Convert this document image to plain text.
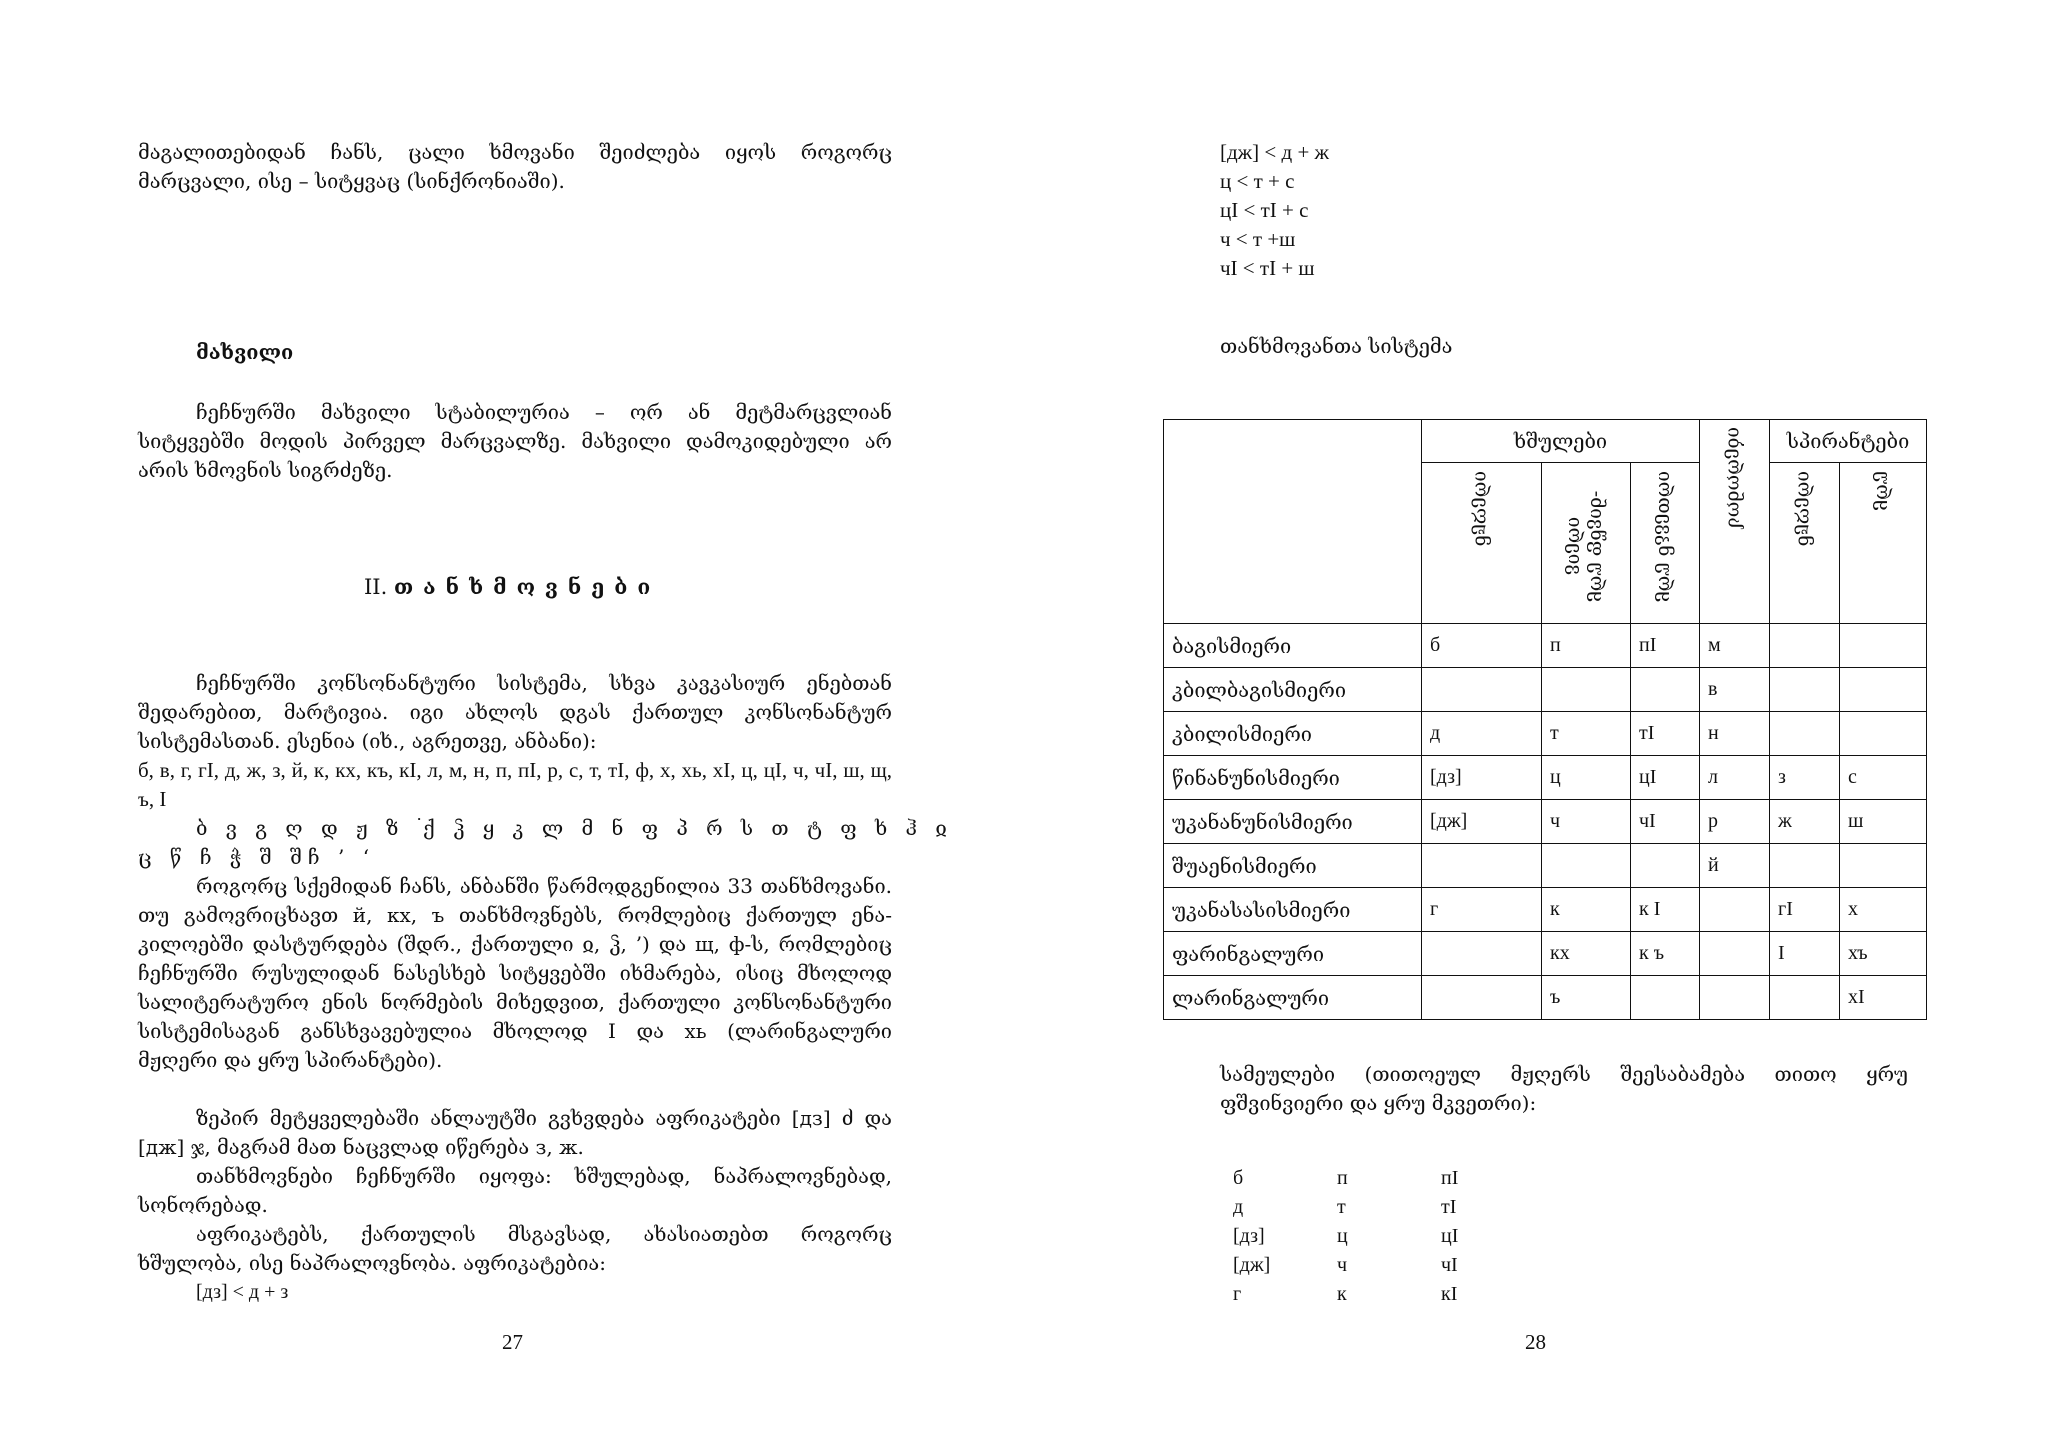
მაგალითებიდან ჩანს, ცალი ხმოვანი შეიძლება იყოს როგორც მარცვალი, ისე – სიტყვაც (სინქრონიაში).
მახვილი
ჩეჩნურში მახვილი სტაბილურია – ორ ან მეტმარცვლიან სიტყვებში მოდის პირველ მარცვალზე. მახვილი დამოკიდებული არ არის ხმოვნის სიგრძეზე.
II. თანხმოვნები
ჩეჩნურში კონსონანტური სისტემა, სხვა კავკასიურ ენებთან შედარებით, მარტივია. იგი ახლოს დგას ქართულ კონსონანტურ სისტემასთან. ესენია (იხ., აგრეთვე, ანბანი):
б, в, г, гI, д, ж, з, й, к, кх, къ, кI, л, м, н, п, пI, р, с, т, тI, ф, х, хь, хI, ц, цI, ч, чI, ш, щ, ъ, I
ბ ვ გ ღ დ ჟ ზ ۬ ქ ჴ ყ კ ლ მ ნ ფ პ რ ს თ ტ ფ ხ ჰ ჲ
ც წ ჩ ჭ შ შჩ ’ ‘
როგორც სქემიდან ჩანს, ანბანში წარმოდგენილია 33 თანხმოვანი. თუ გამოვრიცხავთ й, кх, ъ თანხმოვნებს, რომლებიც ქართულ ენა-კილოებში დასტურდება (შდრ., ქართული ჲ, ჴ, ’) და щ, ф-ს, რომლებიც ჩეჩნურში რუსულიდან ნასესხებ სიტყვებში იხმარება, ისიც მხოლოდ სალიტერატურო ენის ნორმების მიხედვით, ქართული კონსონანტური სისტემისაგან განსხვავებულია მხოლოდ I და хь (ლარინგალური მჟღერი და ყრუ სპირანტები).
ზეპირ მეტყველებაში ანლაუტში გვხვდება აფრიკატები [дз] ძ და [дж] ჯ, მაგრამ მათ ნაცვლად იწერება з, ж.
თანხმოვნები ჩეჩნურში იყოფა: ხშულებად, ნაპრალოვნებად, სონორებად.
აფრიკატებს, ქართულის მსგავსად, ახასიათებთ როგორც ხშულობა, ისე ნაპრალოვნობა. აფრიკატებია:
[дз] < д + з
27
[дж] < д + ж
ц < т + с
цI < тI + с
ч < т +ш
чI < тI + ш
თანხმოვანთა სისტემა
28
	ხშულები			სონორები	სპირანტები	

	მჟღერი	ყრუ ფშვინ-ვიერი	ყრუ მკვეთრი		მჟღერი	ყრუ

ბაგისმიერი	б	п	пI	м		
კბილბაგისმიერი				в		
კბილისმიერი	д	т	тI	н		
წინანუნისმიერი	[дз]	ц	цI	л	з	с
უკანანუნისმიერი	[дж]	ч	чI	р	ж	ш
შუაენისმიერი				й		
უკანასასისმიერი	г	к	к I		гI	х
ფარინგალური		кх	к ъ		I	хъ
ლარინგალური		ъ				хI
სამეულები (თითოეულ მჟღერს შეესაბამება თითო ყრუ ფშვინვიერი და ყრუ მკვეთრი):
б	п	пI
д	т	тI
[дз]	ц	цI
[дж]	ч	чI
г	к	кI
